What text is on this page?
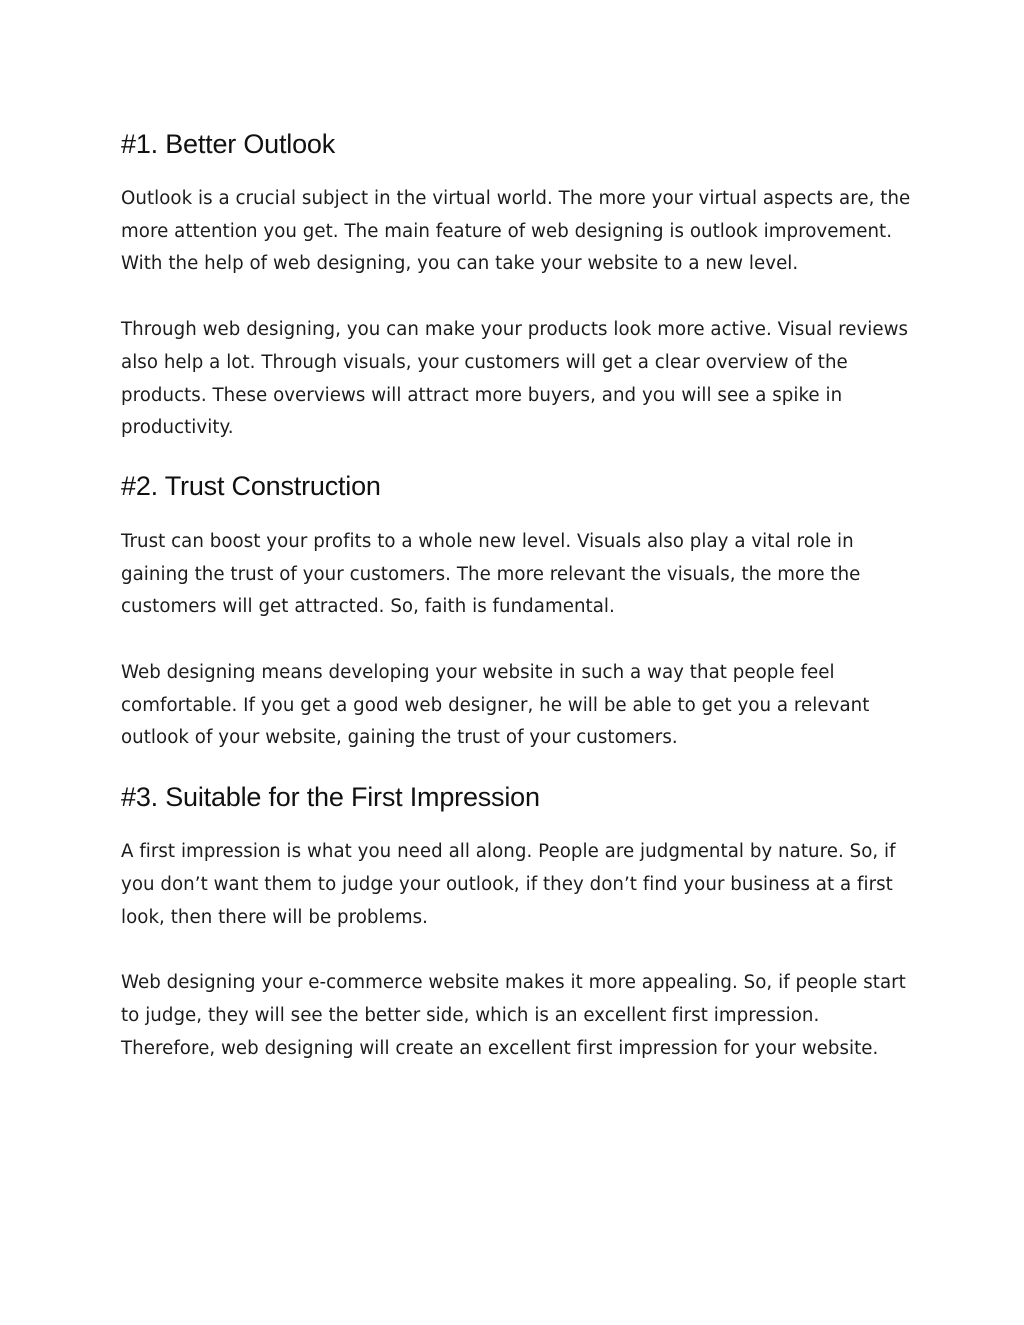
#1. Better Outlook

Outlook is a crucial subject in the virtual world. The more your virtual aspects are, the more attention you get. The main feature of web designing is outlook improvement. With the help of web designing, you can take your website to a new level.

Through web designing, you can make your products look more active. Visual reviews also help a lot. Through visuals, your customers will get a clear overview of the products. These overviews will attract more buyers, and you will see a spike in productivity.

#2. Trust Construction

Trust can boost your profits to a whole new level. Visuals also play a vital role in gaining the trust of your customers. The more relevant the visuals, the more the customers will get attracted. So, faith is fundamental.

Web designing means developing your website in such a way that people feel comfortable. If you get a good web designer, he will be able to get you a relevant outlook of your website, gaining the trust of your customers.

#3. Suitable for the First Impression

A first impression is what you need all along. People are judgmental by nature. So, if you don’t want them to judge your outlook, if they don’t find your business at a first look, then there will be problems.

Web designing your e-commerce website makes it more appealing. So, if people start to judge, they will see the better side, which is an excellent first impression. Therefore, web designing will create an excellent first impression for your website.
